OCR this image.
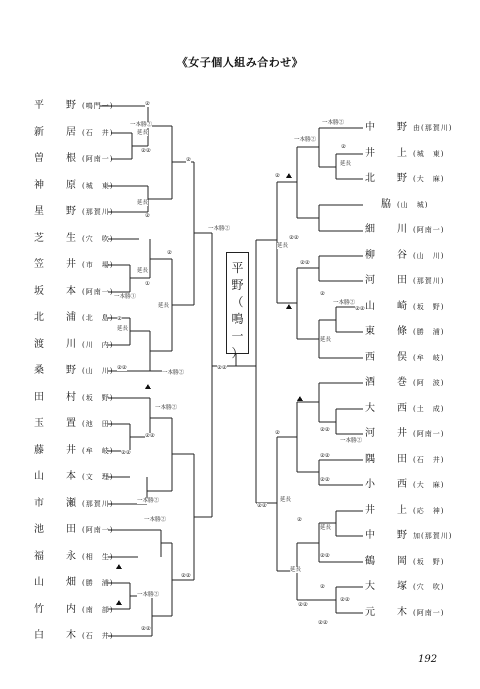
《女子個人組み合わせ》
平　野(鳴門一)
新　居(石　井)
曽　根(阿南一)
神　原(城　東)
星　野(那賀川)
芝　生(穴　吹)
笠　井(市　場)
坂　本(阿南一)
北　浦(北　島)
渡　川(川　内)
桑　野(山　川)
田　村(坂　野)
玉　置(池　田)
藤　井(牟　岐)
山　本(文　理)
市　瀬(那賀川)
池　田(阿南一)
福　永(相　生)
山　畑(勝　浦)
竹　内(南　部)
白　木(石　井)
中　野由(那賀川)
井　上(城　東)
北　野(大　麻)
　脇(山　城)
細　川(阿南一)
柳　谷(山　川)
河　田(那賀川)
山　崎(坂　野)
東　條(勝　浦)
西　俣(牟　岐)
酒　巻(阿　波)
大　西(土　成)
河　井(阿南一)
隅　田(石　井)
小　西(大　麻)
井　上(応　神)
中　野加(那賀川)
鶴　岡(坂　野)
大　塚(穴　吹)
元　木(阿南一)
一本勝②
延長
一本勝②
延長
延長
一本勝①
延長
延長
一本勝②
一本勝②
一本勝②
一本勝②
一本勝②
一本勝②
一本勝②
延長
延長
一本勝②
延長
一本勝②
延長
延長
延長
②
②②
②
②
②
①
②
②②	②②
②②
②②
②②
②②
②
②
②②
②②
②
②②
②	②②
②②
②②
②②
②
②②
②
②②
②②
②②
平
野
（
鳴
一
）
192
